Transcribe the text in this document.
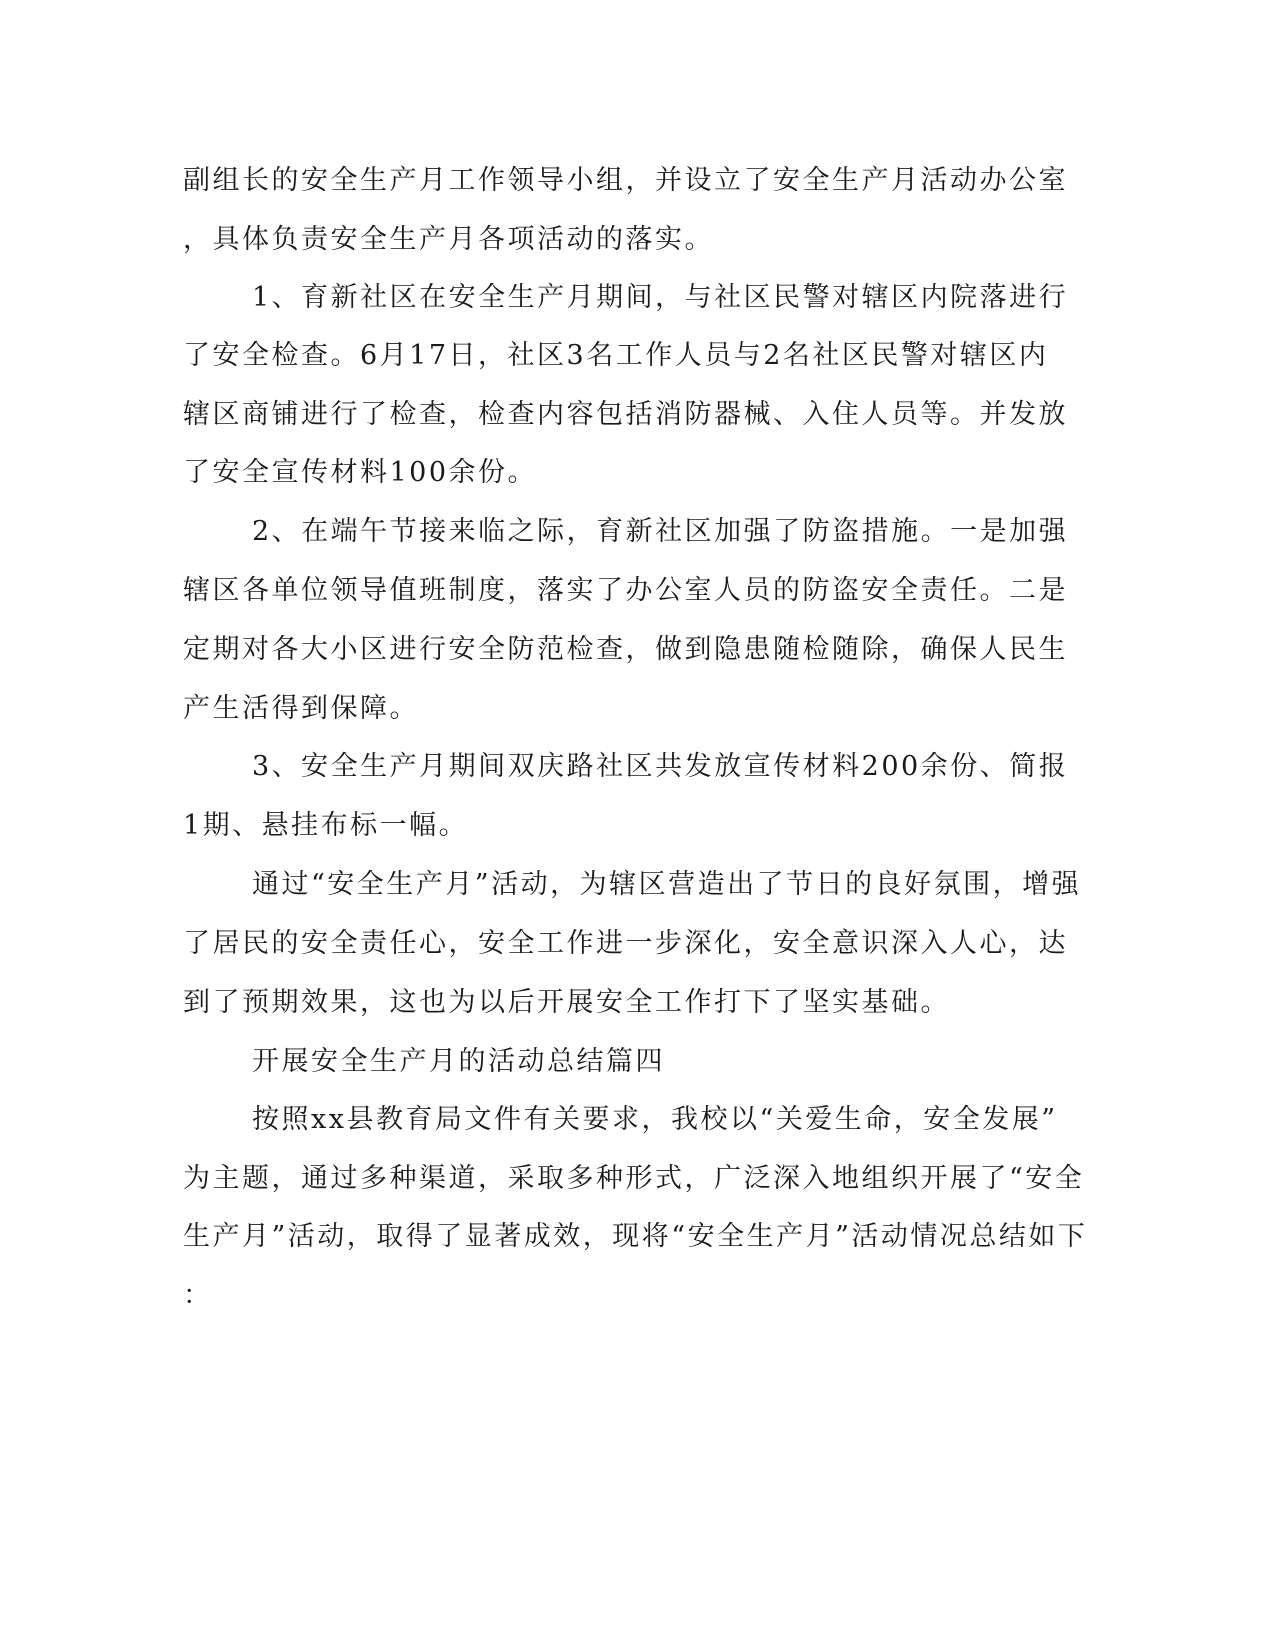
副组长的安全生产月工作领导小组，并设立了安全生产月活动办公室

，具体负责安全生产月各项活动的落实。

1、育新社区在安全生产月期间，与社区民警对辖区内院落进行

了安全检查。6月17日，社区3名工作人员与2名社区民警对辖区内

辖区商铺进行了检查，检查内容包括消防器械、入住人员等。并发放

了安全宣传材料100余份。

2、在端午节接来临之际，育新社区加强了防盗措施。一是加强

辖区各单位领导值班制度，落实了办公室人员的防盗安全责任。二是

定期对各大小区进行安全防范检查，做到隐患随检随除，确保人民生

产生活得到保障。

3、安全生产月期间双庆路社区共发放宣传材料200余份、简报

1期、悬挂布标一幅。

通过“安全生产月”活动，为辖区营造出了节日的良好氛围，增强

了居民的安全责任心，安全工作进一步深化，安全意识深入人心，达

到了预期效果，这也为以后开展安全工作打下了坚实基础。

开展安全生产月的活动总结篇四

按照xx县教育局文件有关要求，我校以“关爱生命，安全发展”

为主题，通过多种渠道，采取多种形式，广泛深入地组织开展了“安全

生产月”活动，取得了显著成效，现将“安全生产月”活动情况总结如下

：
